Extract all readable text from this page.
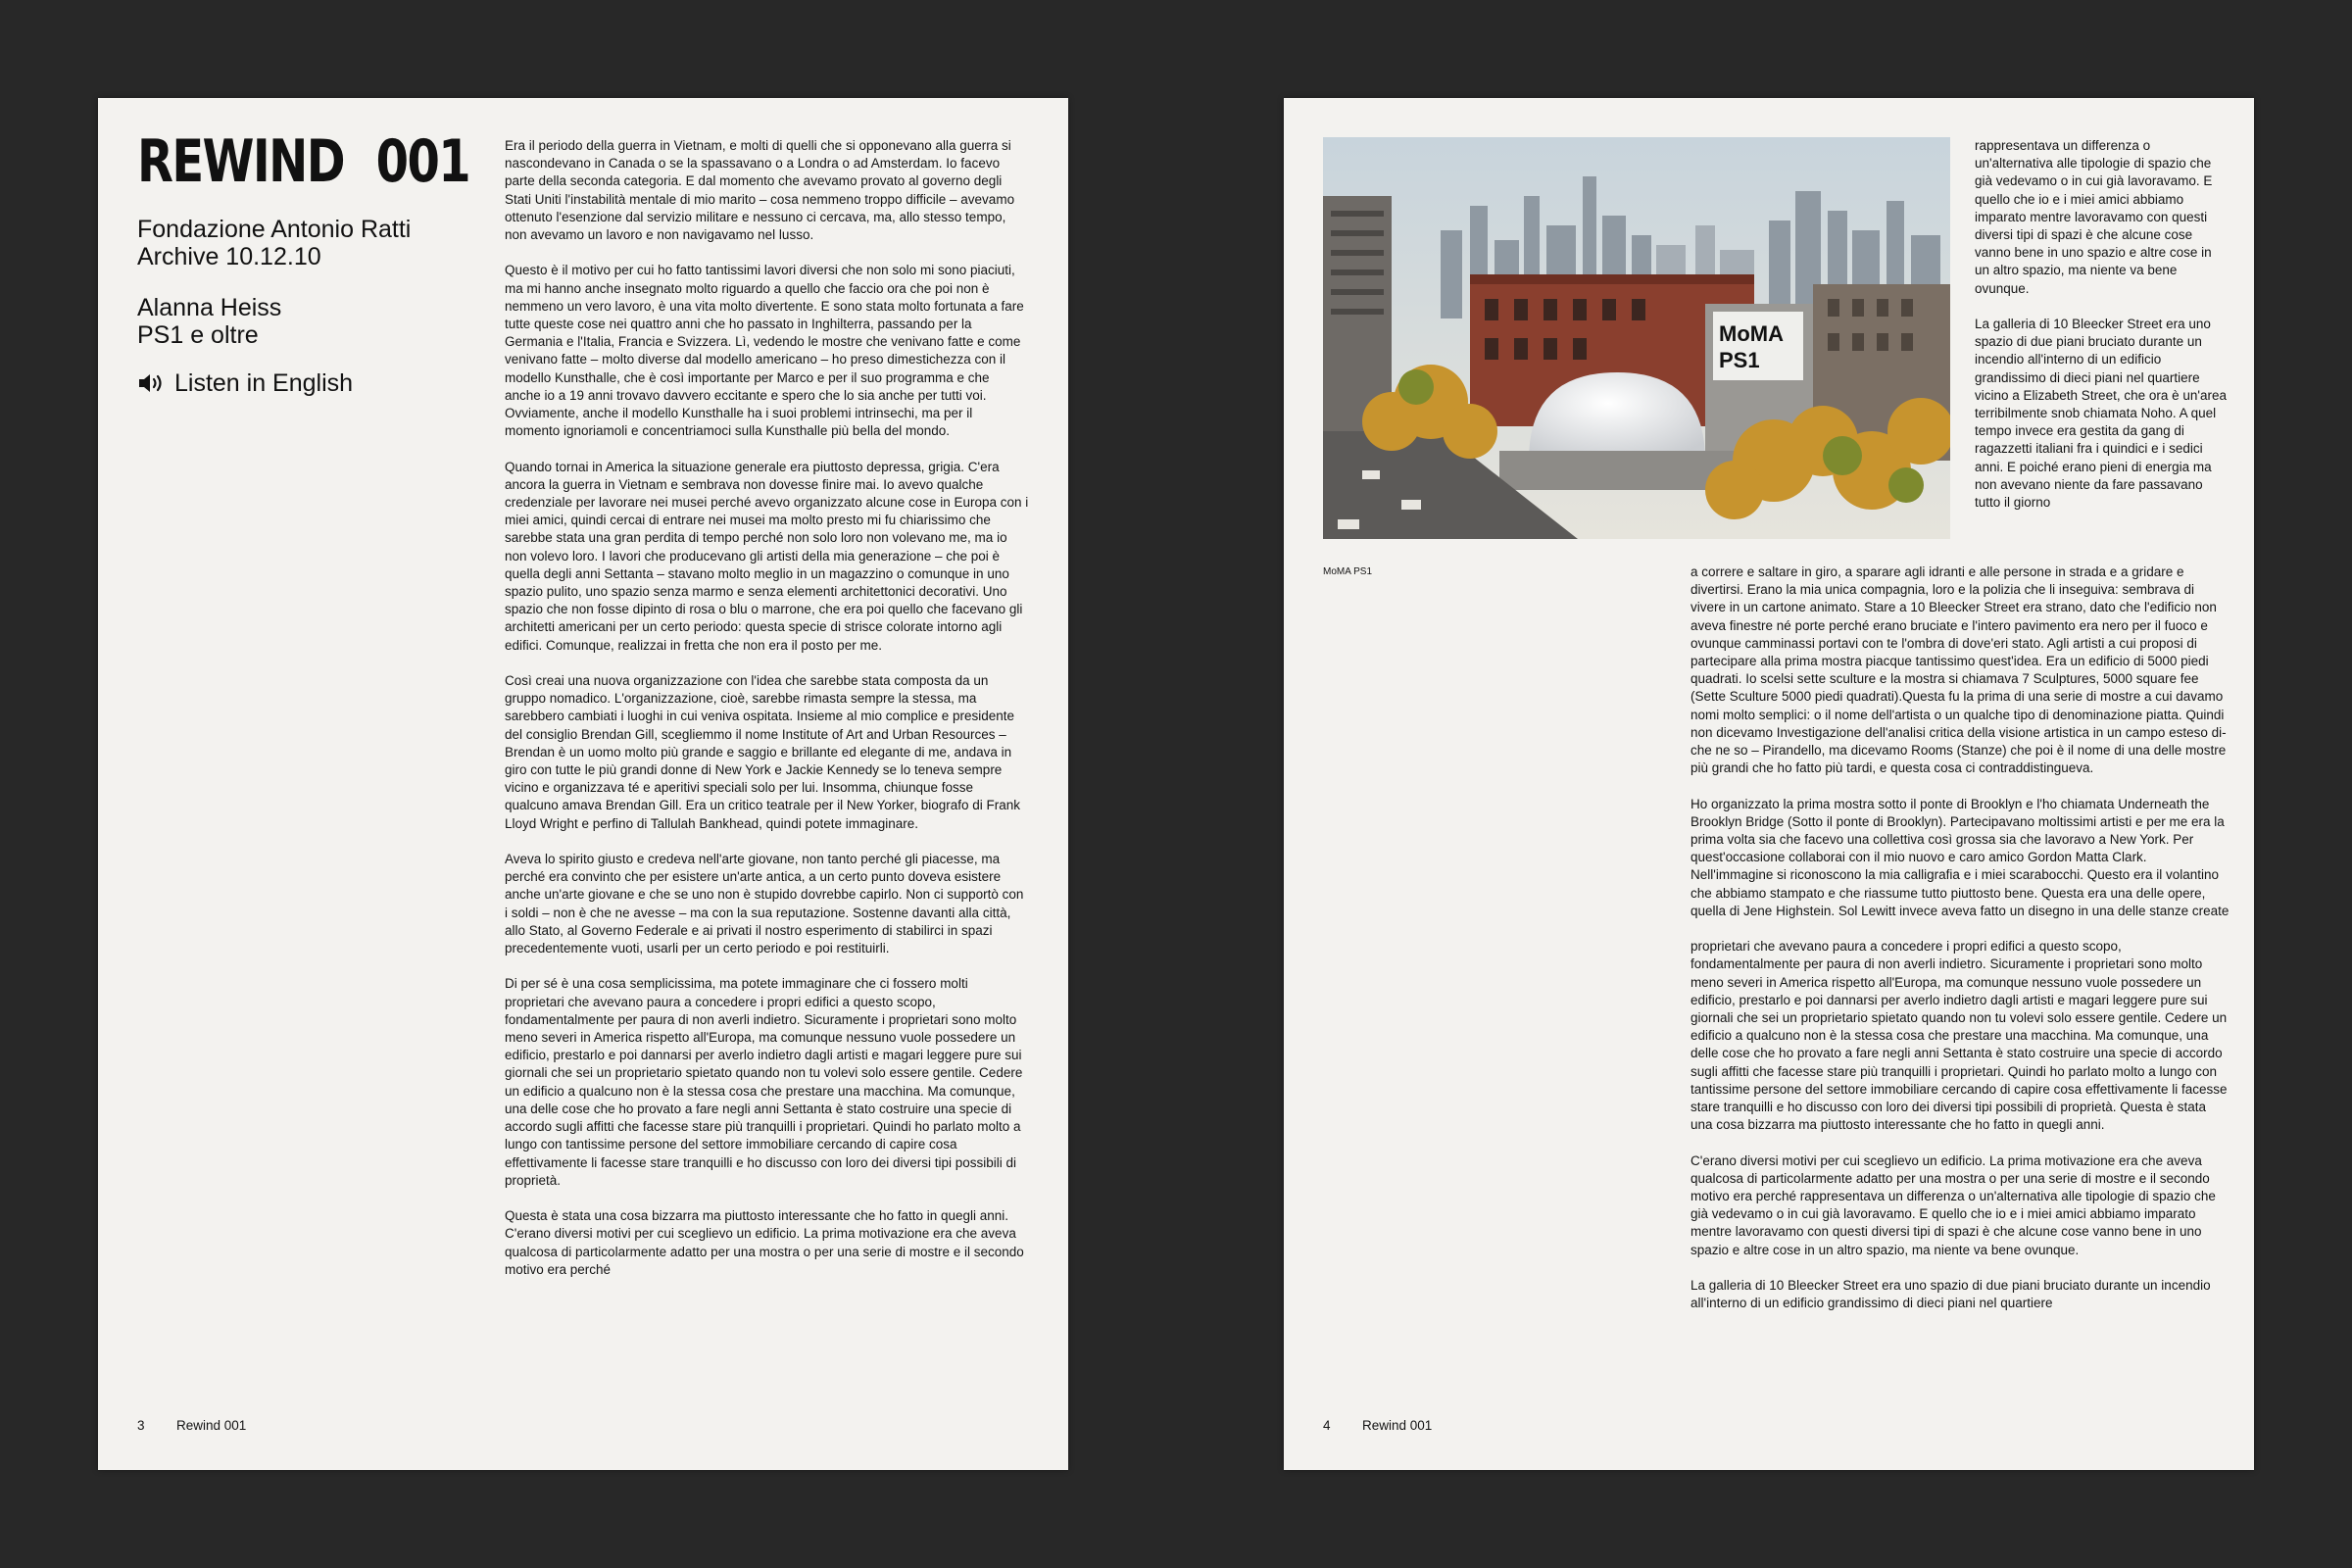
REWIND 001
Fondazione Antonio Ratti
Archive 10.12.10
Alanna Heiss
PS1 e oltre
Listen in English

Era il periodo della guerra in Vietnam, e molti di quelli che si opponevano alla guerra si nascondevano in Canada o se la spassavano o a Londra o ad Amsterdam. Io facevo parte della seconda categoria. E dal momento che avevamo provato al governo degli Stati Uniti l'instabilità mentale di mio marito – cosa nemmeno troppo difficile – avevamo ottenuto l'esenzione dal servizio militare e nessuno ci cercava, ma, allo stesso tempo, non avevamo un lavoro e non navigavamo nel lusso.

Questo è il motivo per cui ho fatto tantissimi lavori diversi che non solo mi sono piaciuti, ma mi hanno anche insegnato molto riguardo a quello che faccio ora che poi non è nemmeno un vero lavoro, è una vita molto divertente. E sono stata molto fortunata a fare tutte queste cose nei quattro anni che ho passato in Inghilterra, passando per la Germania e l'Italia, Francia e Svizzera. Lì, vedendo le mostre che venivano fatte e come venivano fatte – molto diverse dal modello americano – ho preso dimestichezza con il modello Kunsthalle, che è così importante per Marco e per il suo programma e che anche io a 19 anni trovavo davvero eccitante e spero che lo sia anche per tutti voi. Ovviamente, anche il modello Kunsthalle ha i suoi problemi intrinsechi, ma per il momento ignoriamoli e concentriamoci sulla Kunsthalle più bella del mondo.

Quando tornai in America la situazione generale era piuttosto depressa, grigia. C'era ancora la guerra in Vietnam e sembrava non dovesse finire mai. Io avevo qualche credenziale per lavorare nei musei perché avevo organizzato alcune cose in Europa con i miei amici, quindi cercai di entrare nei musei ma molto presto mi fu chiarissimo che sarebbe stata una gran perdita di tempo perché non solo loro non volevano me, ma io non volevo loro. I lavori che producevano gli artisti della mia generazione – che poi è quella degli anni Settanta – stavano molto meglio in un magazzino o comunque in uno spazio pulito, uno spazio senza marmo e senza elementi architettonici decorativi. Uno spazio che non fosse dipinto di rosa o blu o marrone, che era poi quello che facevano gli architetti americani per un certo periodo: questa specie di strisce colorate intorno agli edifici. Comunque, realizzai in fretta che non era il posto per me.

Così creai una nuova organizzazione con l'idea che sarebbe stata composta da un gruppo nomadico. L'organizzazione, cioè, sarebbe rimasta sempre la stessa, ma sarebbero cambiati i luoghi in cui veniva ospitata. Insieme al mio complice e presidente del consiglio Brendan Gill, scegliemmo il nome Institute of Art and Urban Resources – Brendan è un uomo molto più grande e saggio e brillante ed elegante di me, andava in giro con tutte le più grandi donne di New York e Jackie Kennedy se lo teneva sempre vicino e organizzava té e aperitivi speciali solo per lui. Insomma, chiunque fosse qualcuno amava Brendan Gill. Era un critico teatrale per il New Yorker, biografo di Frank Lloyd Wright e perfino di Tallulah Bankhead, quindi potete immaginare.

Aveva lo spirito giusto e credeva nell'arte giovane, non tanto perché gli piacesse, ma perché era convinto che per esistere un'arte antica, a un certo punto doveva esistere anche un'arte giovane e che se uno non è stupido dovrebbe capirlo. Non ci supportò con i soldi – non è che ne avesse – ma con la sua reputazione. Sostenne davanti alla città, allo Stato, al Governo Federale e ai privati il nostro esperimento di stabilirci in spazi precedentemente vuoti, usarli per un certo periodo e poi restituirli.

Di per sé è una cosa semplicissima, ma potete immaginare che ci fossero molti proprietari che avevano paura a concedere i propri edifici a questo scopo, fondamentalmente per paura di non averli indietro. Sicuramente i proprietari sono molto meno severi in America rispetto all'Europa, ma comunque nessuno vuole possedere un edificio, prestarlo e poi dannarsi per averlo indietro dagli artisti e magari leggere pure sui giornali che sei un proprietario spietato quando non tu volevi solo essere gentile. Cedere un edificio a qualcuno non è la stessa cosa che prestare una macchina. Ma comunque, una delle cose che ho provato a fare negli anni Settanta è stato costruire una specie di accordo sugli affitti che facesse stare più tranquilli i proprietari. Quindi ho parlato molto a lungo con tantissime persone del settore immobiliare cercando di capire cosa effettivamente li facesse stare tranquilli e ho discusso con loro dei diversi tipi possibili di proprietà.

Questa è stata una cosa bizzarra ma piuttosto interessante che ho fatto in quegli anni. C'erano diversi motivi per cui sceglievo un edificio. La prima motivazione era che aveva qualcosa di particolarmente adatto per una mostra o per una serie di mostre e il secondo motivo era perché

3 Rewind 001
MoMA
PS1
MoMA PS1

rappresentava un differenza o un'alternativa alle tipologie di spazio che già vedevamo o in cui già lavoravamo. E quello che io e i miei amici abbiamo imparato mentre lavoravamo con questi diversi tipi di spazi è che alcune cose vanno bene in uno spazio e altre cose in un altro spazio, ma niente va bene ovunque.

La galleria di 10 Bleecker Street era uno spazio di due piani bruciato durante un incendio all'interno di un edificio grandissimo di dieci piani nel quartiere vicino a Elizabeth Street, che ora è un'area terribilmente snob chiamata Noho. A quel tempo invece era gestita da gang di ragazzetti italiani fra i quindici e i sedici anni. E poiché erano pieni di energia ma non avevano niente da fare passavano tutto il giorno

a correre e saltare in giro, a sparare agli idranti e alle persone in strada e a gridare e divertirsi. Erano la mia unica compagnia, loro e la polizia che li inseguiva: sembrava di vivere in un cartone animato. Stare a 10 Bleecker Street era strano, dato che l'edificio non aveva finestre né porte perché erano bruciate e l'intero pavimento era nero per il fuoco e ovunque camminassi portavi con te l'ombra di dove'eri stato. Agli artisti a cui proposi di partecipare alla prima mostra piacque tantissimo quest'idea. Era un edificio di 5000 piedi quadrati. Io scelsi sette sculture e la mostra si chiamava 7 Sculptures, 5000 square fee (Sette Sculture 5000 piedi quadrati).Questa fu la prima di una serie di mostre a cui davamo nomi molto semplici: o il nome dell'artista o un qualche tipo di denominazione piatta. Quindi non dicevamo Investigazione dell'analisi critica della visione artistica in un campo esteso di- che ne so – Pirandello, ma dicevamo Rooms (Stanze) che poi è il nome di una delle mostre più grandi che ho fatto più tardi, e questa cosa ci contraddistingueva.

Ho organizzato la prima mostra sotto il ponte di Brooklyn e l'ho chiamata Underneath the Brooklyn Bridge (Sotto il ponte di Brooklyn). Partecipavano moltissimi artisti e per me era la prima volta sia che facevo una collettiva così grossa sia che lavoravo a New York. Per quest'occasione collaborai con il mio nuovo e caro amico Gordon Matta Clark. Nell'immagine si riconoscono la mia calligrafia e i miei scarabocchi. Questo era il volantino che abbiamo stampato e che riassume tutto piuttosto bene. Questa era una delle opere, quella di Jene Highstein. Sol Lewitt invece aveva fatto un disegno in una delle stanze create

proprietari che avevano paura a concedere i propri edifici a questo scopo, fondamentalmente per paura di non averli indietro. Sicuramente i proprietari sono molto meno severi in America rispetto all'Europa, ma comunque nessuno vuole possedere un edificio, prestarlo e poi dannarsi per averlo indietro dagli artisti e magari leggere pure sui giornali che sei un proprietario spietato quando non tu volevi solo essere gentile. Cedere un edificio a qualcuno non è la stessa cosa che prestare una macchina. Ma comunque, una delle cose che ho provato a fare negli anni Settanta è stato costruire una specie di accordo sugli affitti che facesse stare più tranquilli i proprietari. Quindi ho parlato molto a lungo con tantissime persone del settore immobiliare cercando di capire cosa effettivamente li facesse stare tranquilli e ho discusso con loro dei diversi tipi possibili di proprietà. Questa è stata una cosa bizzarra ma piuttosto interessante che ho fatto in quegli anni.

C'erano diversi motivi per cui sceglievo un edificio. La prima motivazione era che aveva qualcosa di particolarmente adatto per una mostra o per una serie di mostre e il secondo motivo era perché rappresentava un differenza o un'alternativa alle tipologie di spazio che già vedevamo o in cui già lavoravamo. E quello che io e i miei amici abbiamo imparato mentre lavoravamo con questi diversi tipi di spazi è che alcune cose vanno bene in uno spazio e altre cose in un altro spazio, ma niente va bene ovunque.

La galleria di 10 Bleecker Street era uno spazio di due piani bruciato durante un incendio all'interno di un edificio grandissimo di dieci piani nel quartiere

4 Rewind 001
